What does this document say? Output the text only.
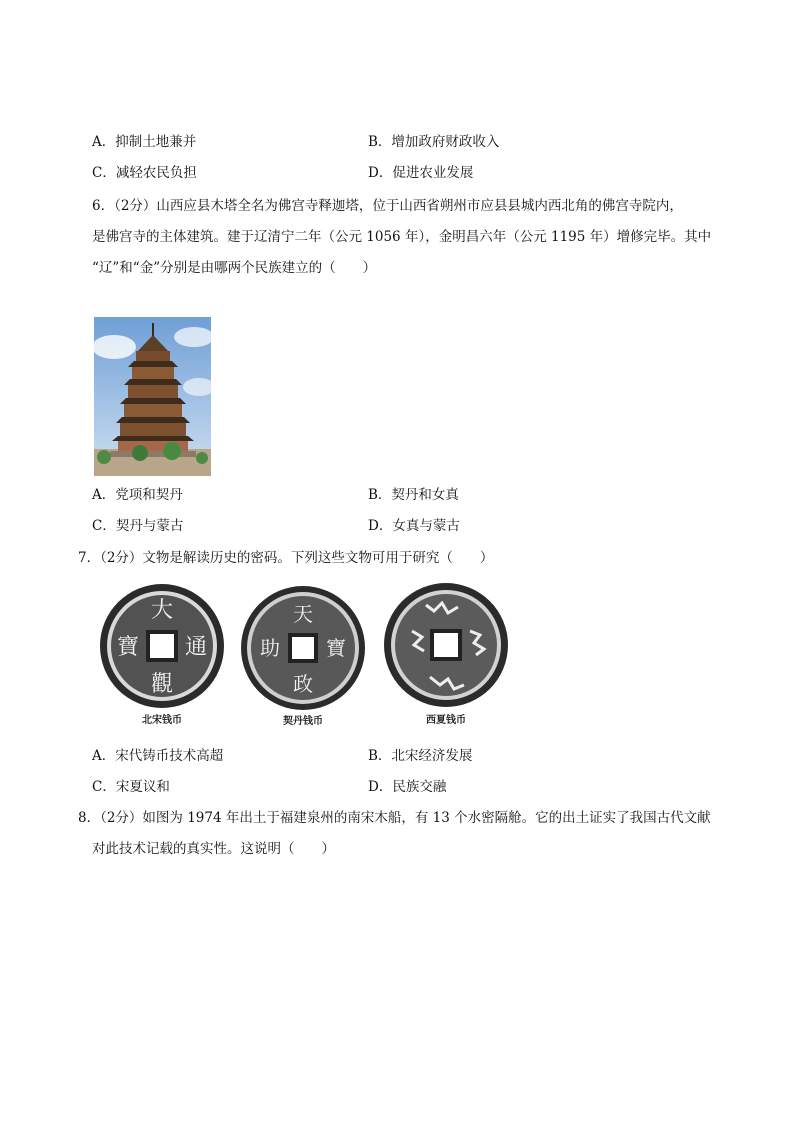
A．抑制土地兼并	B．增加政府财政收入
C．减轻农民负担	D．促进农业发展
6．（2分）山西应县木塔全名为佛宫寺释迦塔，位于山西省朔州市应县县城内西北角的佛宫寺院内，
是佛宫寺的主体建筑。建于辽清宁二年（公元 1056 年），金明昌六年（公元 1195 年）增修完毕。其中
“辽”和“金”分别是由哪两个民族建立的（　　）
A．党项和契丹	B．契丹和女真
C．契丹与蒙古	D．女真与蒙古
7．（2分）文物是解读历史的密码。下列这些文物可用于研究（　　）
大
通
觀
寶
北宋钱币
天
寶
政
助
契丹钱币	西夏钱币
A．宋代铸币技术高超	B．北宋经济发展
C．宋夏议和	D．民族交融
8．（2分）如图为 1974 年出土于福建泉州的南宋木船，有 13 个水密隔舱。它的出土证实了我国古代文献
对此技术记载的真实性。这说明（　　）
